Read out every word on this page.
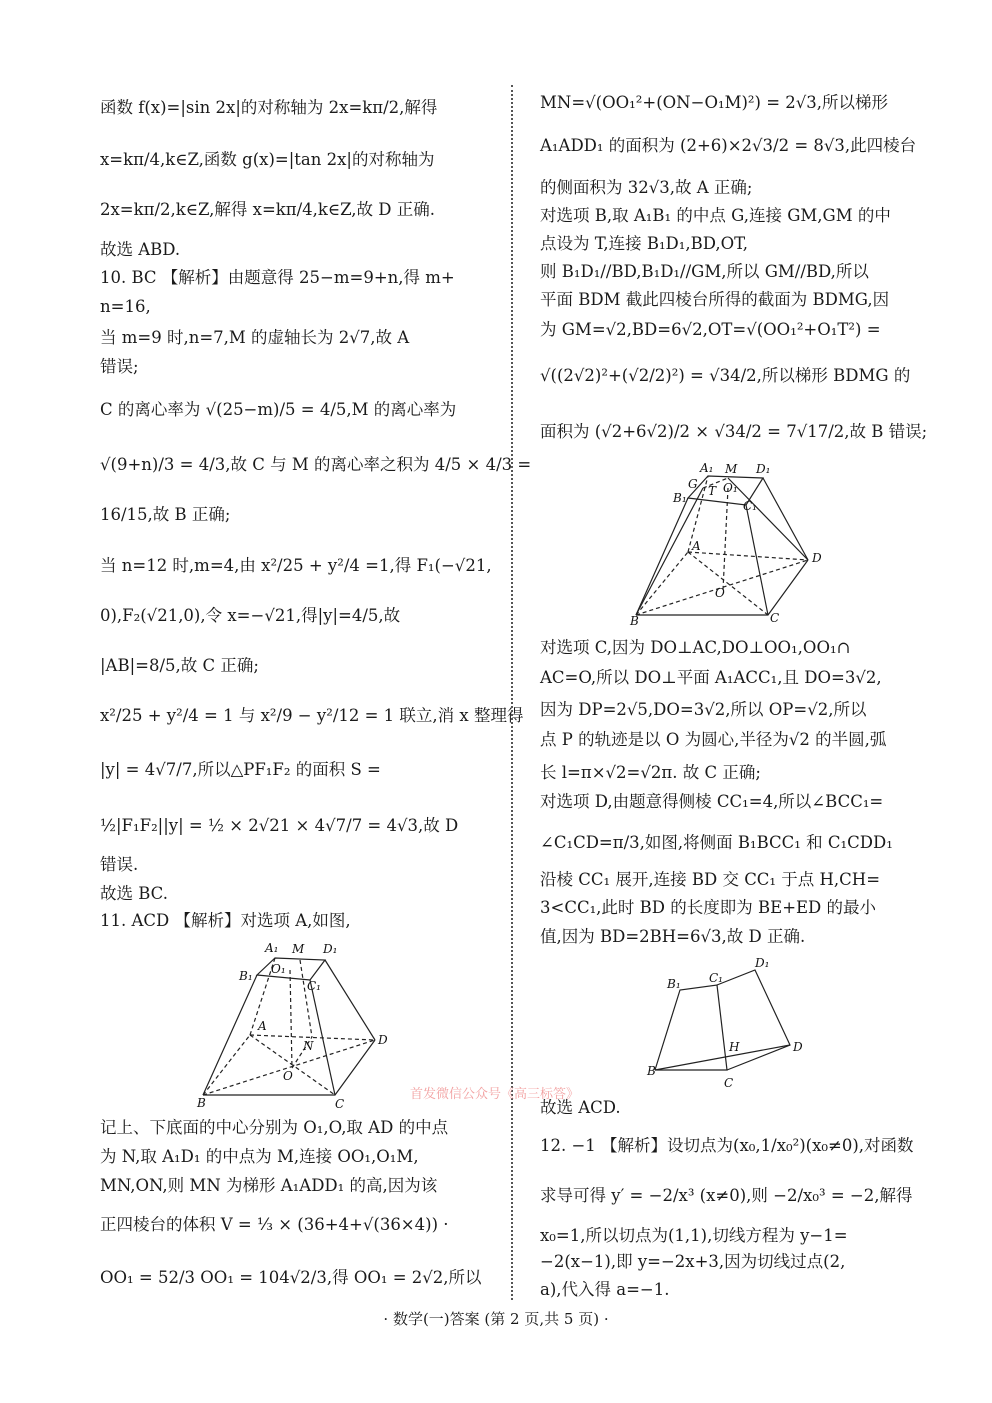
函数 f(x)=|sin 2x|的对称轴为 2x=kπ/2,解得
x=kπ/4,k∈Z,函数 g(x)=|tan 2x|的对称轴为
2x=kπ/2,k∈Z,解得 x=kπ/4,k∈Z,故 D 正确.
故选 ABD.
10. BC 【解析】由题意得 25−m=9+n,得 m+
n=16,
当 m=9 时,n=7,M 的虚轴长为 2√7,故 A
错误;
C 的离心率为 √(25−m)/5 = 4/5,M 的离心率为
√(9+n)/3 = 4/3,故 C 与 M 的离心率之积为 4/5 × 4/3 =
16/15,故 B 正确;
当 n=12 时,m=4,由 x²/25 + y²/4 =1,得 F₁(−√21,
0),F₂(√21,0),令 x=−√21,得|y|=4/5,故
|AB|=8/5,故 C 正确;
x²/25 + y²/4 = 1 与 x²/9 − y²/12 = 1 联立,消 x 整理得
|y| = 4√7/7,所以△PF₁F₂ 的面积 S =
½|F₁F₂||y| = ½ × 2√21 × 4√7/7 = 4√3,故 D
错误.
故选 BC.
11. ACD 【解析】对选项 A,如图,
记上、下底面的中心分别为 O₁,O,取 AD 的中点
为 N,取 A₁D₁ 的中点为 M,连接 OO₁,O₁M,
MN,ON,则 MN 为梯形 A₁ADD₁ 的高,因为该
正四棱台的体积 V = ⅓ × (36+4+√(36×4)) ·
OO₁ = 52/3 OO₁ = 104√2/3,得 OO₁ = 2√2,所以
MN=√(OO₁²+(ON−O₁M)²) = 2√3,所以梯形
A₁ADD₁ 的面积为 (2+6)×2√3/2 = 8√3,此四棱台
的侧面积为 32√3,故 A 正确;
对选项 B,取 A₁B₁ 的中点 G,连接 GM,GM 的中
点设为 T,连接 B₁D₁,BD,OT,
则 B₁D₁//BD,B₁D₁//GM,所以 GM//BD,所以
平面 BDM 截此四棱台所得的截面为 BDMG,因
为 GM=√2,BD=6√2,OT=√(OO₁²+O₁T²) =
√((2√2)²+(√2/2)²) = √34/2,所以梯形 BDMG 的
面积为 (√2+6√2)/2 × √34/2 = 7√17/2,故 B 错误;
对选项 C,因为 DO⊥AC,DO⊥OO₁,OO₁∩
AC=O,所以 DO⊥平面 A₁ACC₁,且 DO=3√2,
因为 DP=2√5,DO=3√2,所以 OP=√2,所以
点 P 的轨迹是以 O 为圆心,半径为√2 的半圆,弧
长 l=π×√2=√2π. 故 C 正确;
对选项 D,由题意得侧棱 CC₁=4,所以∠BCC₁=
∠C₁CD=π/3,如图,将侧面 B₁BCC₁ 和 C₁CDD₁
沿棱 CC₁ 展开,连接 BD 交 CC₁ 于点 H,CH=
3<CC₁,此时 BD 的长度即为 BE+ED 的最小
值,因为 BD=2BH=6√3,故 D 正确.
故选 ACD.
12. −1 【解析】设切点为(x₀,1/x₀²)(x₀≠0),对函数
求导可得 y′ = −2/x³ (x≠0),则 −2/x₀³ = −2,解得
x₀=1,所以切点为(1,1),切线方程为 y−1=
−2(x−1),即 y=−2x+3,因为切线过点(2,
a),代入得 a=−1.
A₁ M D₁
B₁ O₁
C₁
A
N	D
O
B	C
A₁ M D₁
G
B₁ T O₁
C₁
A
D
O
B	C
B₁ C₁
D₁
H
B
C
D
首发微信公众号《高三标答》
· 数学(一)答案 (第 2 页,共 5 页) ·
